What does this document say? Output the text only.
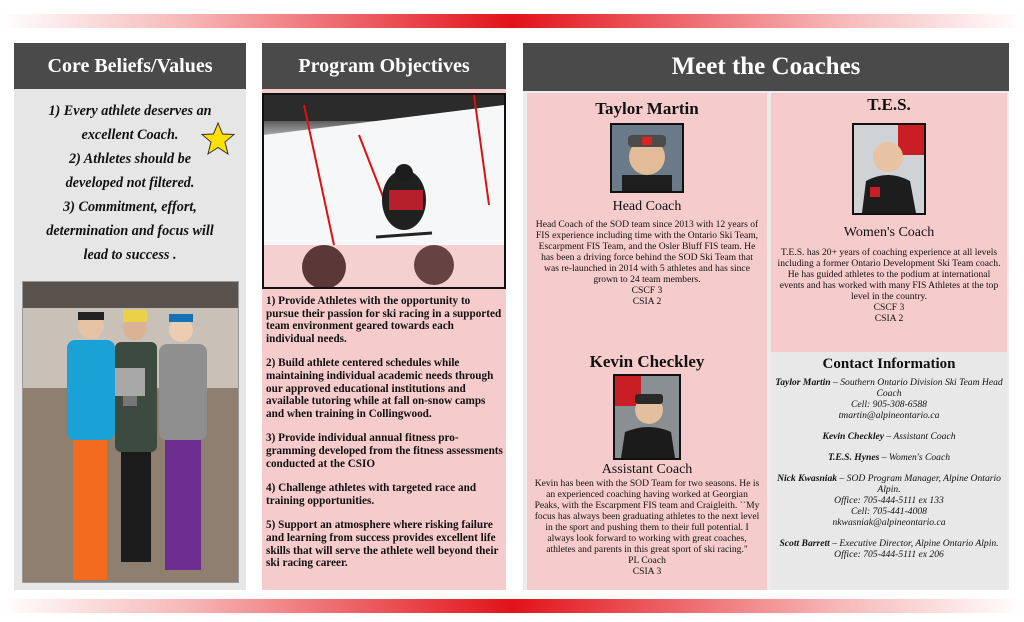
Core Beliefs/Values
1) Every athlete deserves an
excellent Coach.
2) Athletes should be
developed not filtered.
3) Commitment, effort,
determination and focus will
lead to success .
Program Objectives

1) Provide Athletes with the opportunity to pursue their passion for ski racing in a supported team environment geared towards each individual needs.

2) Build athlete centered schedules while maintaining individual academic needs through our approved educational institutions and available tutoring while at fall on-snow camps and when training in Collingwood.

3) Provide individual annual fitness programming developed from the fitness assessments conducted at the CSIO

4) Challenge athletes with targeted race and training opportunities.

5) Support an atmosphere where risking failure and learning from success provides excellent life skills that will serve the athlete well beyond their ski racing career.

Meet the Coaches
Taylor Martin
Head Coach
Head Coach of the SOD team since 2013 with 12 years of FIS experience including time with the Ontario Ski Team, Escarpment FIS Team, and the Osler Bluff FIS team. He has been a driving force behind the SOD Ski Team that was re-launched in 2014 with 5 athletes and has since grown to 24 team members.
CSCF 3
CSIA 2
T.E.S.
Women's Coach
T.E.S. has 20+ years of coaching experience at all levels including a former Ontario Development Ski Team coach. He has guided athletes to the podium at international events and has worked with many FIS Athletes at the top level in the country.
CSCF 3
CSIA 2
Kevin Checkley
Assistant Coach
Kevin has been with the SOD Team for two seasons. He is an experienced coaching having worked at Georgian Peaks, with the Escarpment FIS team and Craigleith. ``My focus has always been graduating athletes to the next level in the sport and pushing them to their full potential. I always look forward to working with great coaches, athletes and parents in this great sport of ski racing."
PL Coach
CSIA 3
Contact Information
Taylor Martin – Southern Ontario Division Ski Team Head Coach
Cell: 905-308-6588
tmartin@alpineontario.ca
Kevin Checkley – Assistant Coach
T.E.S. Hynes – Women's Coach
Nick Kwasniak – SOD Program Manager, Alpine Ontario Alpin.
Office: 705-444-5111 ex 133
Cell: 705-441-4008
nkwasniak@alpineontario.ca
Scott Barrett – Executive Director, Alpine Ontario Alpin.
Office: 705-444-5111 ex 206
